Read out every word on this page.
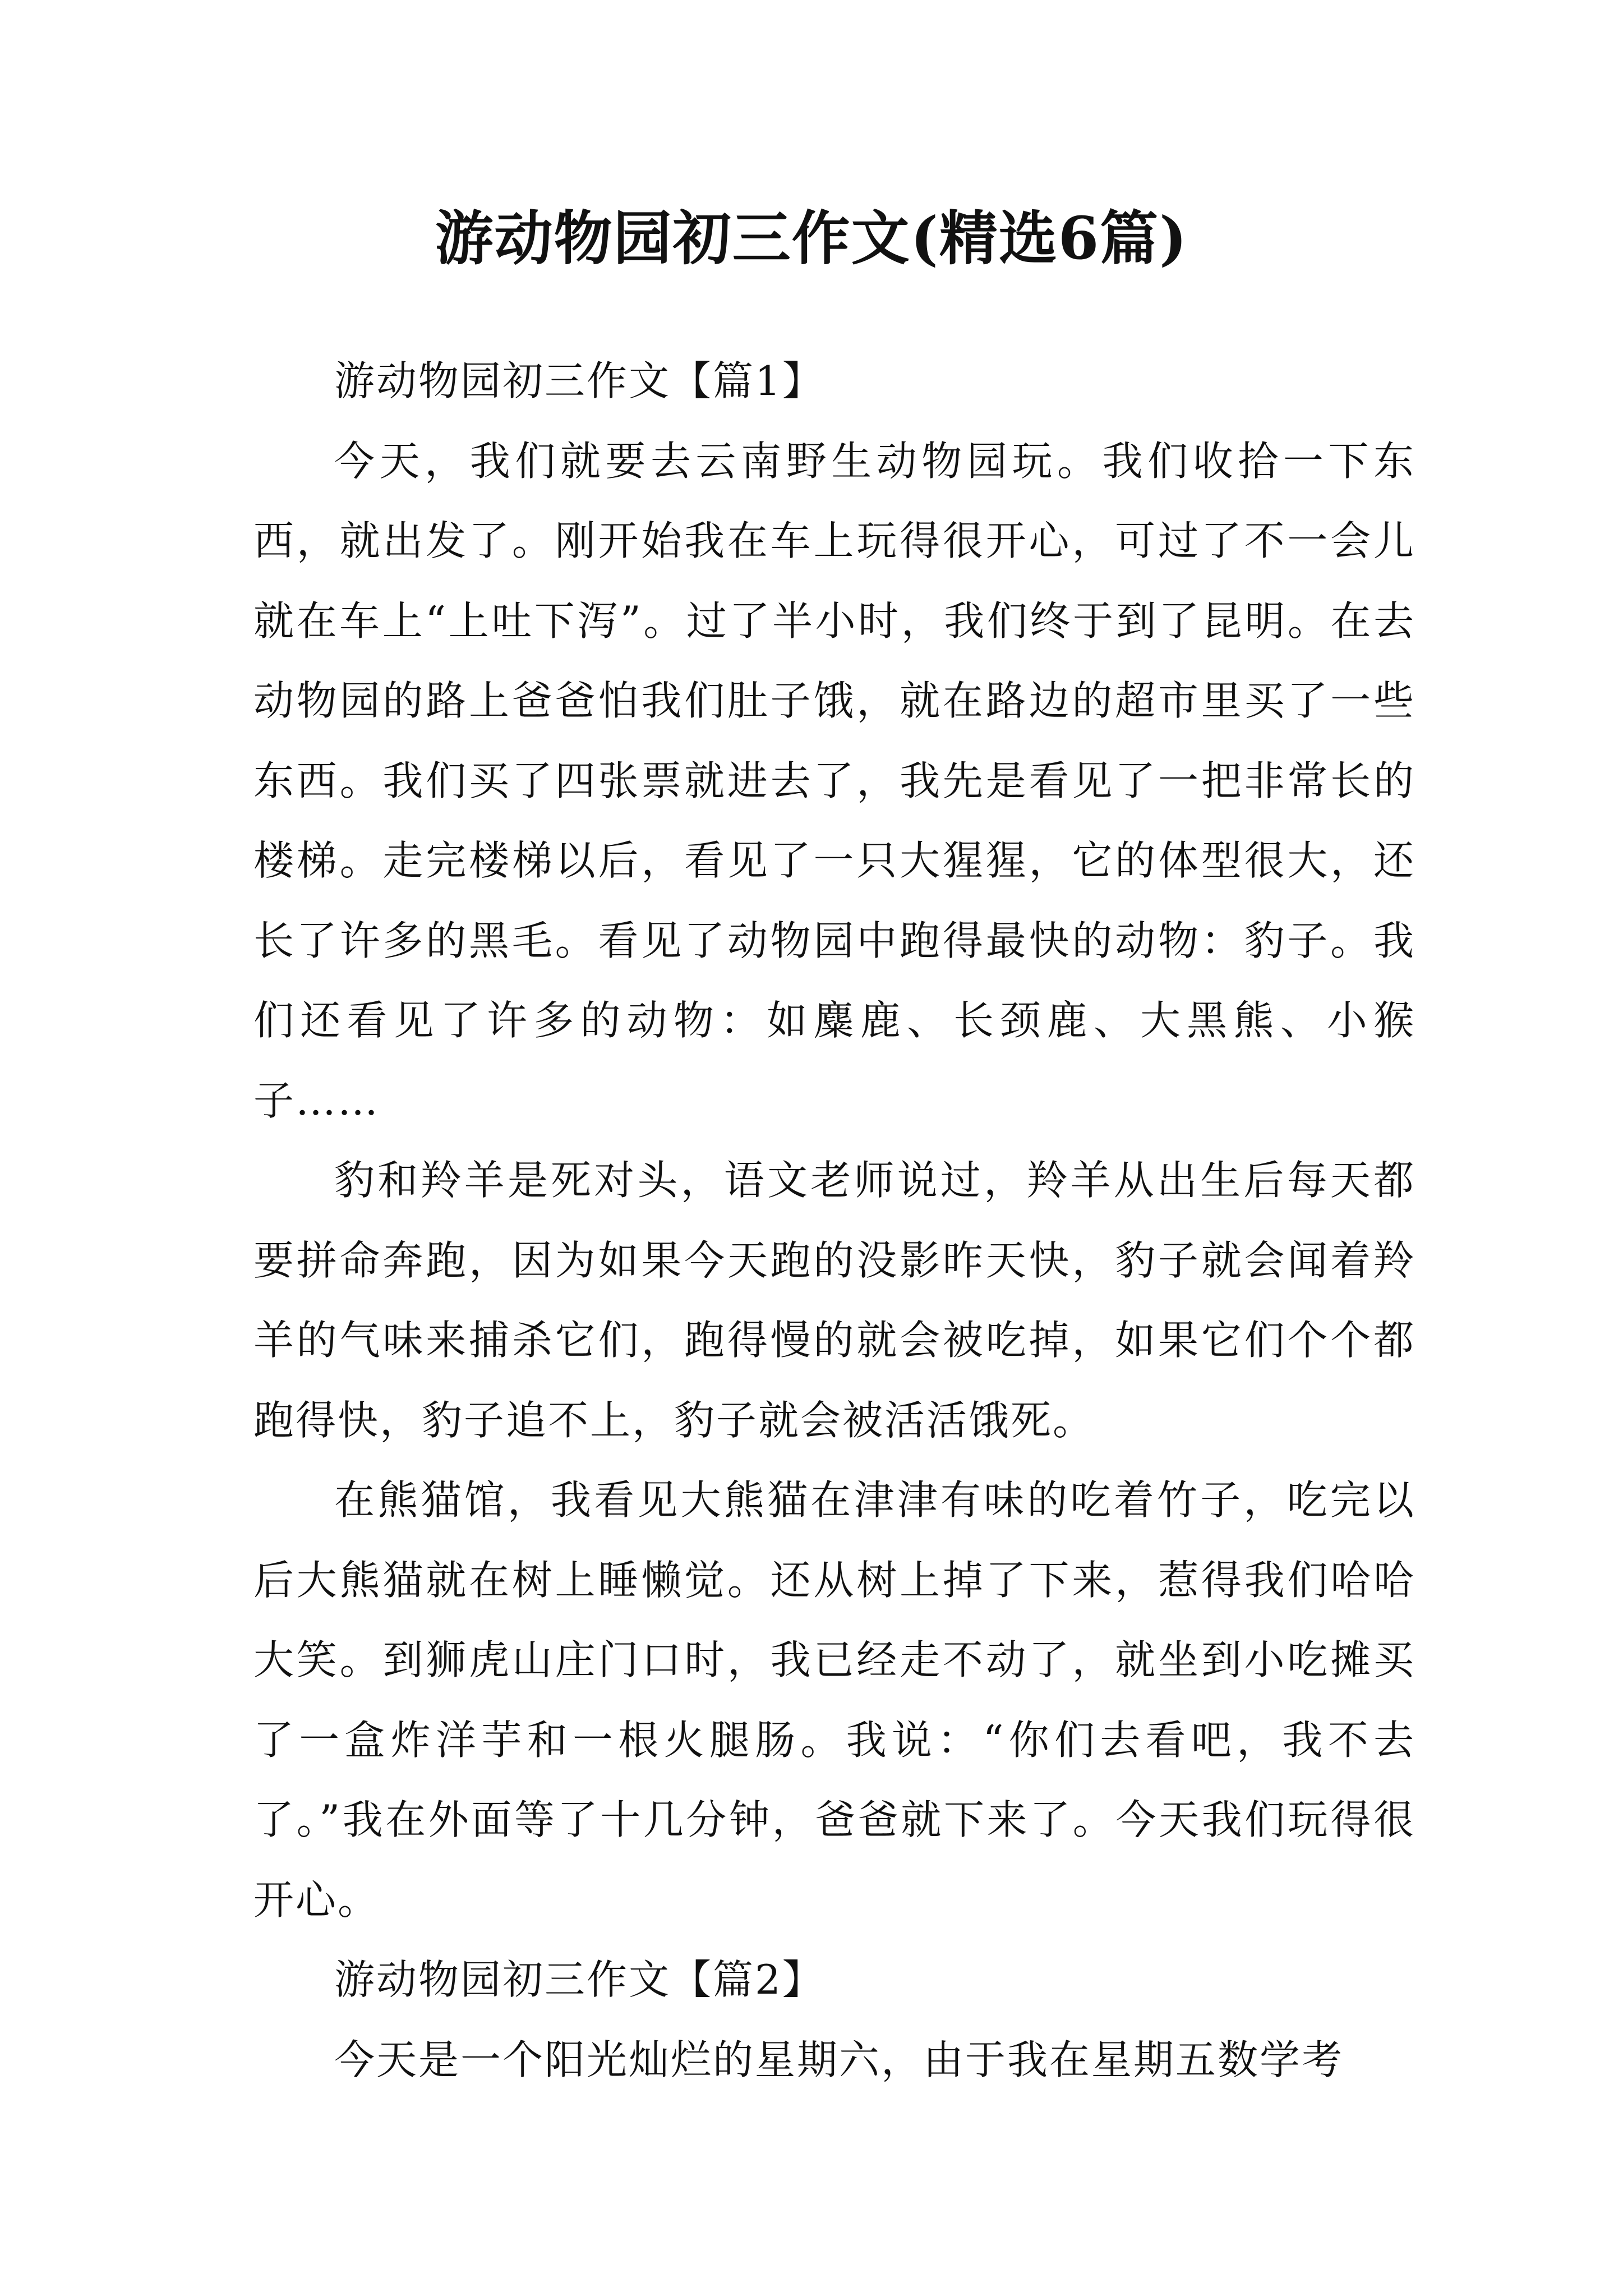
游动物园初三作文(精选6篇)

游动物园初三作文【篇1】

今天，我们就要去云南野生动物园玩。我们收拾一下东西，就出发了。刚开始我在车上玩得很开心，可过了不一会儿就在车上“上吐下泻”。过了半小时，我们终于到了昆明。在去动物园的路上爸爸怕我们肚子饿，就在路边的超市里买了一些东西。我们买了四张票就进去了，我先是看见了一把非常长的楼梯。走完楼梯以后，看见了一只大猩猩，它的体型很大，还长了许多的黑毛。看见了动物园中跑得最快的动物：豹子。我们还看见了许多的动物：如麋鹿、长颈鹿、大黑熊、小猴子……

豹和羚羊是死对头，语文老师说过，羚羊从出生后每天都要拼命奔跑，因为如果今天跑的没影昨天快，豹子就会闻着羚羊的气味来捕杀它们，跑得慢的就会被吃掉，如果它们个个都跑得快，豹子追不上，豹子就会被活活饿死。

在熊猫馆，我看见大熊猫在津津有味的吃着竹子，吃完以后大熊猫就在树上睡懒觉。还从树上掉了下来，惹得我们哈哈大笑。到狮虎山庄门口时，我已经走不动了，就坐到小吃摊买了一盒炸洋芋和一根火腿肠。我说：“你们去看吧，我不去了。”我在外面等了十几分钟，爸爸就下来了。今天我们玩得很开心。

游动物园初三作文【篇2】

今天是一个阳光灿烂的星期六，由于我在星期五数学考
